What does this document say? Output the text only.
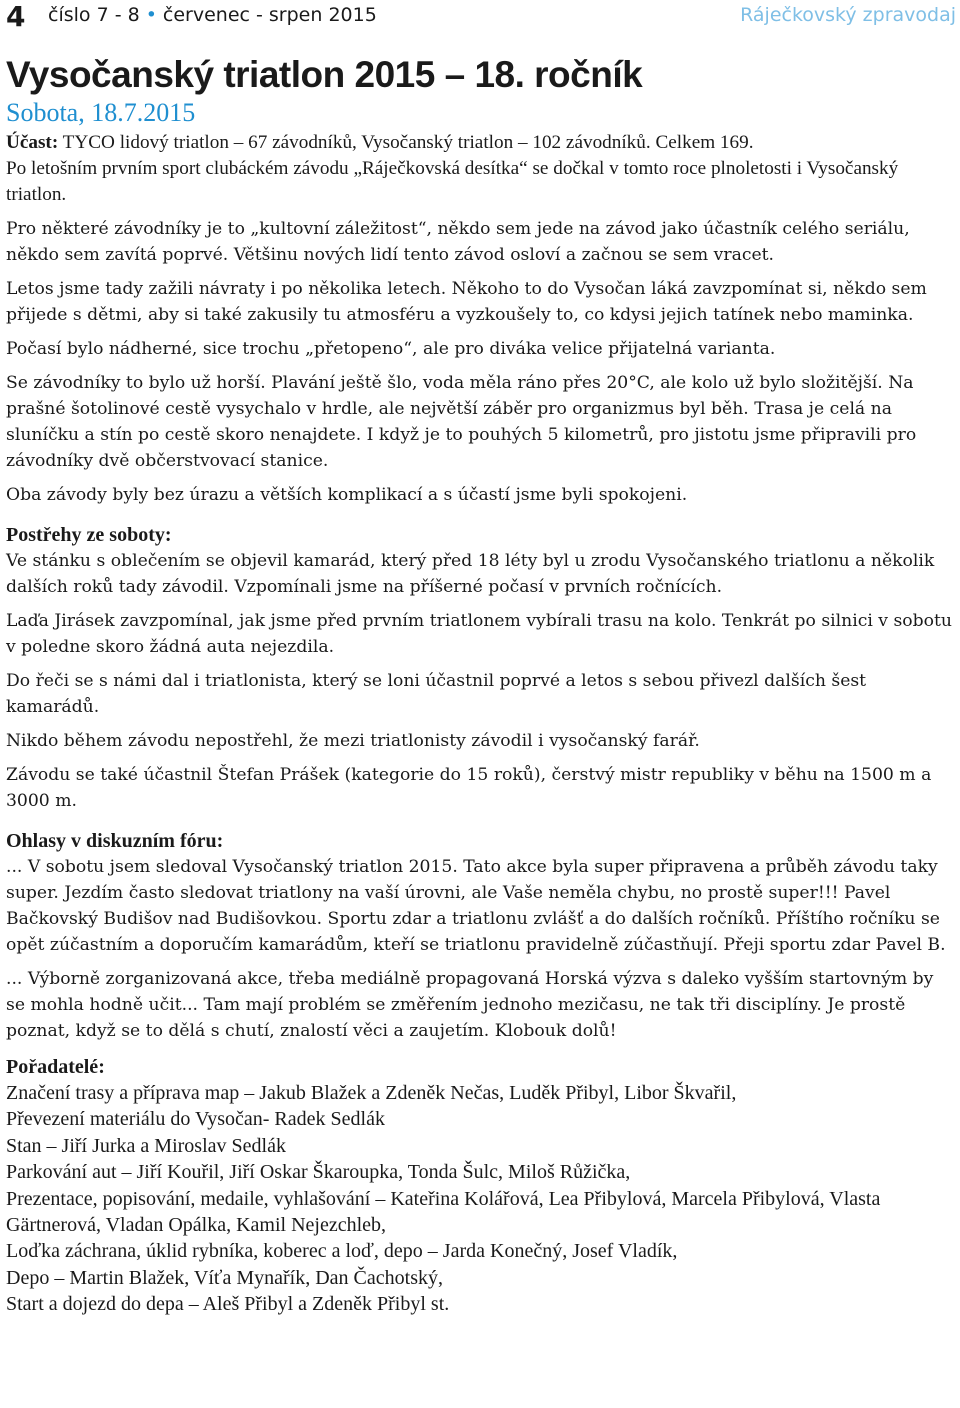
4 číslo 7 - 8 • červenec - srpen 2015	Ráječkovský zpravodaj
Vysočanský triatlon 2015 – 18. ročník
Sobota, 18.7.2015

Účast: TYCO lidový triatlon – 67 závodníků, Vysočanský triatlon – 102 závodníků. Celkem 169.

Po letošním prvním sport clubáckém závodu „Ráječkovská desítka“ se dočkal v tomto roce plnoletosti i Vysočanský triatlon.

Pro některé závodníky je to „kultovní záležitost“, někdo sem jede na závod jako účastník celého seriálu, někdo sem zavítá poprvé. Většinu nových lidí tento závod osloví a začnou se sem vracet.

Letos jsme tady zažili návraty i po několika letech. Někoho to do Vysočan láká zavzpomínat si, někdo sem přijede s dětmi, aby si také zakusily tu atmosféru a vyzkoušely to, co kdysi jejich tatínek nebo maminka.

Počasí bylo nádherné, sice trochu „přetopeno“, ale pro diváka velice přijatelná varianta.

Se závodníky to bylo už horší. Plavání ještě šlo, voda měla ráno přes 20°C, ale kolo už bylo složitější. Na prašné šotolinové cestě vysychalo v hrdle, ale největší záběr pro organizmus byl běh. Trasa je celá na sluníčku a stín po cestě skoro nenajdete. I když je to pouhých 5 kilometrů, pro jistotu jsme připravili pro závodníky dvě občerstvovací stanice.

Oba závody byly bez úrazu a větších komplikací a s účastí jsme byli spokojeni.

Postřehy ze soboty:

Ve stánku s oblečením se objevil kamarád, který před 18 léty byl u zrodu Vysočanského triatlonu a několik dalších roků tady závodil. Vzpomínali jsme na příšerné počasí v prvních ročnících.

Laďa Jirásek zavzpomínal, jak jsme před prvním triatlonem vybírali trasu na kolo. Tenkrát po silnici v sobotu v poledne skoro žádná auta nejezdila.

Do řeči se s námi dal i triatlonista, který se loni účastnil poprvé a letos s sebou přivezl dalších šest kamarádů.

Nikdo během závodu nepostřehl, že mezi triatlonisty závodil i vysočanský farář.

Závodu se také účastnil Štefan Prášek (kategorie do 15 roků), čerstvý mistr republiky v běhu na 1500 m a 3000 m.

Ohlasy v diskuzním fóru:

... V sobotu jsem sledoval Vysočanský triatlon 2015. Tato akce byla super připravena a průběh závodu taky super. Jezdím často sledovat triatlony na vaší úrovni, ale Vaše neměla chybu, no prostě super!!! Pavel Bačkovský Budišov nad Budišovkou. Sportu zdar a triatlonu zvlášť a do dalších ročníků. Příštího ročníku se opět zúčastním a doporučím kamarádům, kteří se triatlonu pravidelně zúčastňují. Přeji sportu zdar Pavel B.

... Výborně zorganizovaná akce, třeba mediálně propagovaná Horská výzva s daleko vyšším startovným by se mohla hodně učit... Tam mají problém se změřením jednoho mezičasu, ne tak tři disciplíny. Je prostě poznat, když se to dělá s chutí, znalostí věci a zaujetím. Klobouk dolů!

Pořadatelé:
Značení trasy a příprava map – Jakub Blažek a Zdeněk Nečas, Luděk Přibyl, Libor Škvařil,
Převezení materiálu do Vysočan- Radek Sedlák
Stan – Jiří Jurka a Miroslav Sedlák
Parkování aut – Jiří Kouřil, Jiří Oskar Škaroupka, Tonda Šulc, Miloš Růžička,
Prezentace, popisování, medaile, vyhlašování – Kateřina Kolářová, Lea Přibylová, Marcela Přibylová, Vlasta Gärtnerová, Vladan Opálka, Kamil Nejezchleb,
Loďka záchrana, úklid rybníka, koberec a loď, depo – Jarda Konečný, Josef Vladík,
Depo – Martin Blažek, Víťa Mynařík, Dan Čachotský,
Start a dojezd do depa – Aleš Přibyl a Zdeněk Přibyl st.
